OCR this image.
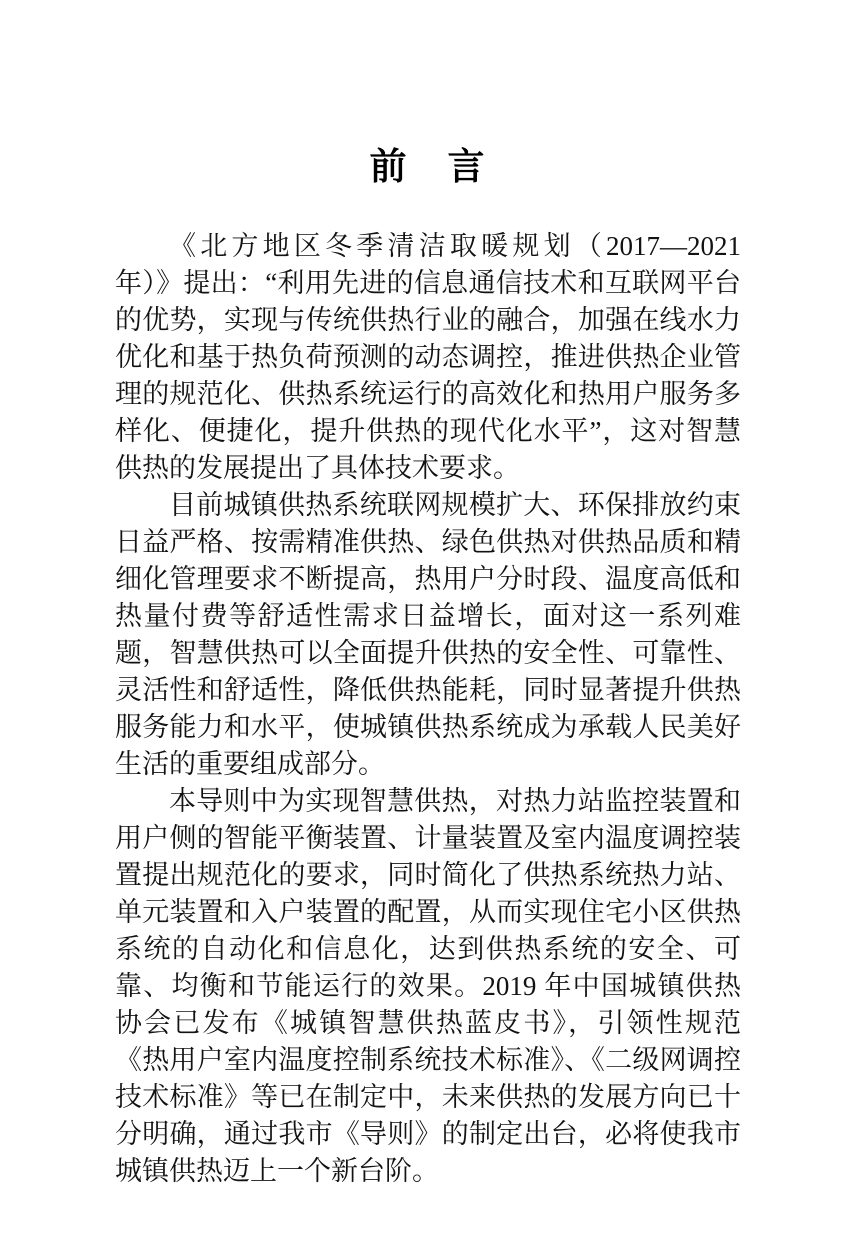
前　言

《北方地区冬季清洁取暖规划（2017—2021 年）》提出：“利用先进的信息通信技术和互联网平台的优势，实现与传统供热行业的融合，加强在线水力优化和基于热负荷预测的动态调控，推进供热企业管理的规范化、供热系统运行的高效化和热用户服务多样化、便捷化，提升供热的现代化水平”，这对智慧供热的发展提出了具体技术要求。

目前城镇供热系统联网规模扩大、环保排放约束日益严格、按需精准供热、绿色供热对供热品质和精细化管理要求不断提高，热用户分时段、温度高低和热量付费等舒适性需求日益增长，面对这一系列难题，智慧供热可以全面提升供热的安全性、可靠性、灵活性和舒适性，降低供热能耗，同时显著提升供热服务能力和水平，使城镇供热系统成为承载人民美好生活的重要组成部分。

本导则中为实现智慧供热，对热力站监控装置和用户侧的智能平衡装置、计量装置及室内温度调控装置提出规范化的要求，同时简化了供热系统热力站、单元装置和入户装置的配置，从而实现住宅小区供热系统的自动化和信息化，达到供热系统的安全、可靠、均衡和节能运行的效果。2019 年中国城镇供热协会已发布《城镇智慧供热蓝皮书》，引领性规范《热用户室内温度控制系统技术标准》、《二级网调控技术标准》等已在制定中，未来供热的发展方向已十分明确，通过我市《导则》的制定出台，必将使我市城镇供热迈上一个新台阶。
